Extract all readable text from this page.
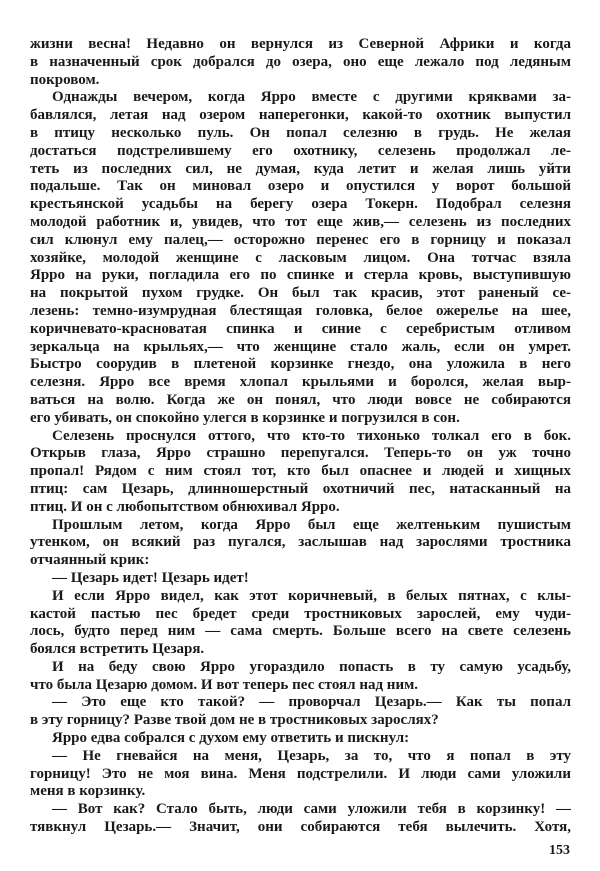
жизни весна! Недавно он вернулся из Северной Африки и когда
в назначенный срок добрался до озера, оно еще лежало под ледяным
покровом.
Однажды вечером, когда Ярро вместе с другими кряквами за-
бавлялся, летая над озером наперегонки, какой-то охотник выпустил
в птицу несколько пуль. Он попал селезню в грудь. Не желая
достаться подстрелившему его охотнику, селезень продолжал ле-
теть из последних сил, не думая, куда летит и желая лишь уйти
подальше. Так он миновал озеро и опустился у ворот большой
крестьянской усадьбы на берегу озера Токерн. Подобрал селезня
молодой работник и, увидев, что тот еще жив,— селезень из последних
сил клюнул ему палец,— осторожно перенес его в горницу и показал
хозяйке, молодой женщине с ласковым лицом. Она тотчас взяла
Ярро на руки, погладила его по спинке и стерла кровь, выступившую
на покрытой пухом грудке. Он был так красив, этот раненый се-
лезень: темно-изумрудная блестящая головка, белое ожерелье на шее,
коричневато-красноватая спинка и синие с серебристым отливом
зеркальца на крыльях,— что женщине стало жаль, если он умрет.
Быстро соорудив в плетеной корзинке гнездо, она уложила в него
селезня. Ярро все время хлопал крыльями и боролся, желая выр-
ваться на волю. Когда же он понял, что люди вовсе не собираются
его убивать, он спокойно улегся в корзинке и погрузился в сон.
Селезень проснулся оттого, что кто-то тихонько толкал его в бок.
Открыв глаза, Ярро страшно перепугался. Теперь-то он уж точно
пропал! Рядом с ним стоял тот, кто был опаснее и людей и хищных
птиц: сам Цезарь, длинношерстный охотничий пес, натасканный на
птиц. И он с любопытством обнюхивал Ярро.
Прошлым летом, когда Ярро был еще желтеньким пушистым
утенком, он всякий раз пугался, заслышав над зарослями тростника
отчаянный крик:
— Цезарь идет! Цезарь идет!
И если Ярро видел, как этот коричневый, в белых пятнах, с клы-
кастой пастью пес бредет среди тростниковых зарослей, ему чуди-
лось, будто перед ним — сама смерть. Больше всего на свете селезень
боялся встретить Цезаря.
И на беду свою Ярро угораздило попасть в ту самую усадьбу,
что была Цезарю домом. И вот теперь пес стоял над ним.
— Это еще кто такой? — проворчал Цезарь.— Как ты попал
в эту горницу? Разве твой дом не в тростниковых зарослях?
Ярро едва собрался с духом ему ответить и пискнул:
— Не гневайся на меня, Цезарь, за то, что я попал в эту
горницу! Это не моя вина. Меня подстрелили. И люди сами уложили
меня в корзинку.
— Вот как? Стало быть, люди сами уложили тебя в корзинку! —
тявкнул Цезарь.— Значит, они собираются тебя вылечить. Хотя,
153
